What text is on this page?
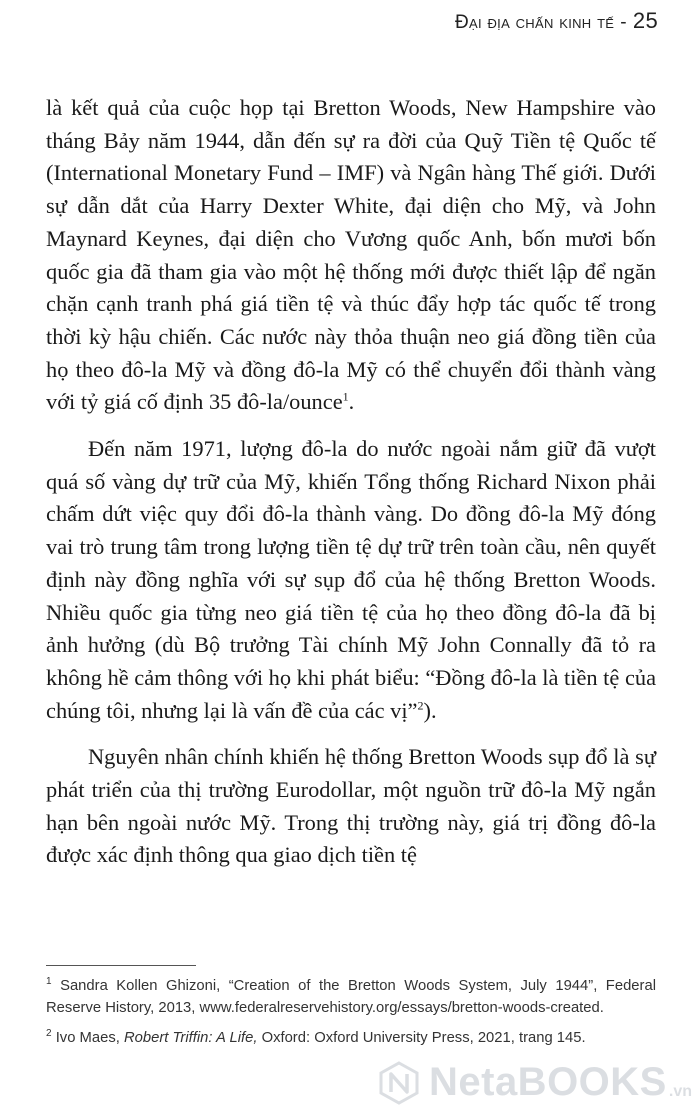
Đại địa chấn kinh tế - 25

là kết quả của cuộc họp tại Bretton Woods, New Hampshire vào tháng Bảy năm 1944, dẫn đến sự ra đời của Quỹ Tiền tệ Quốc tế (International Monetary Fund – IMF) và Ngân hàng Thế giới. Dưới sự dẫn dắt của Harry Dexter White, đại diện cho Mỹ, và John Maynard Keynes, đại diện cho Vương quốc Anh, bốn mươi bốn quốc gia đã tham gia vào một hệ thống mới được thiết lập để ngăn chặn cạnh tranh phá giá tiền tệ và thúc đẩy hợp tác quốc tế trong thời kỳ hậu chiến. Các nước này thỏa thuận neo giá đồng tiền của họ theo đô-la Mỹ và đồng đô-la Mỹ có thể chuyển đổi thành vàng với tỷ giá cố định 35 đô-la/ounce$^1$.

Đến năm 1971, lượng đô-la do nước ngoài nắm giữ đã vượt quá số vàng dự trữ của Mỹ, khiến Tổng thống Richard Nixon phải chấm dứt việc quy đổi đô-la thành vàng. Do đồng đô-la Mỹ đóng vai trò trung tâm trong lượng tiền tệ dự trữ trên toàn cầu, nên quyết định này đồng nghĩa với sự sụp đổ của hệ thống Bretton Woods. Nhiều quốc gia từng neo giá tiền tệ của họ theo đồng đô-la đã bị ảnh hưởng (dù Bộ trưởng Tài chính Mỹ John Connally đã tỏ ra không hề cảm thông với họ khi phát biểu: “Đồng đô-la là tiền tệ của chúng tôi, nhưng lại là vấn đề của các vị”$^2$).

Nguyên nhân chính khiến hệ thống Bretton Woods sụp đổ là sự phát triển của thị trường Eurodollar, một nguồn trữ đô-la Mỹ ngắn hạn bên ngoài nước Mỹ. Trong thị trường này, giá trị đồng đô-la được xác định thông qua giao dịch tiền tệ

$^1$ Sandra Kollen Ghizoni, “Creation of the Bretton Woods System, July 1944”, Federal Reserve History, 2013, www.federalreservehistory.org/essays/bretton-woods-created.

$^2$ Ivo Maes, Robert Triffin: A Life, Oxford: Oxford University Press, 2021, trang 145.

NetaBOOKS .vn
